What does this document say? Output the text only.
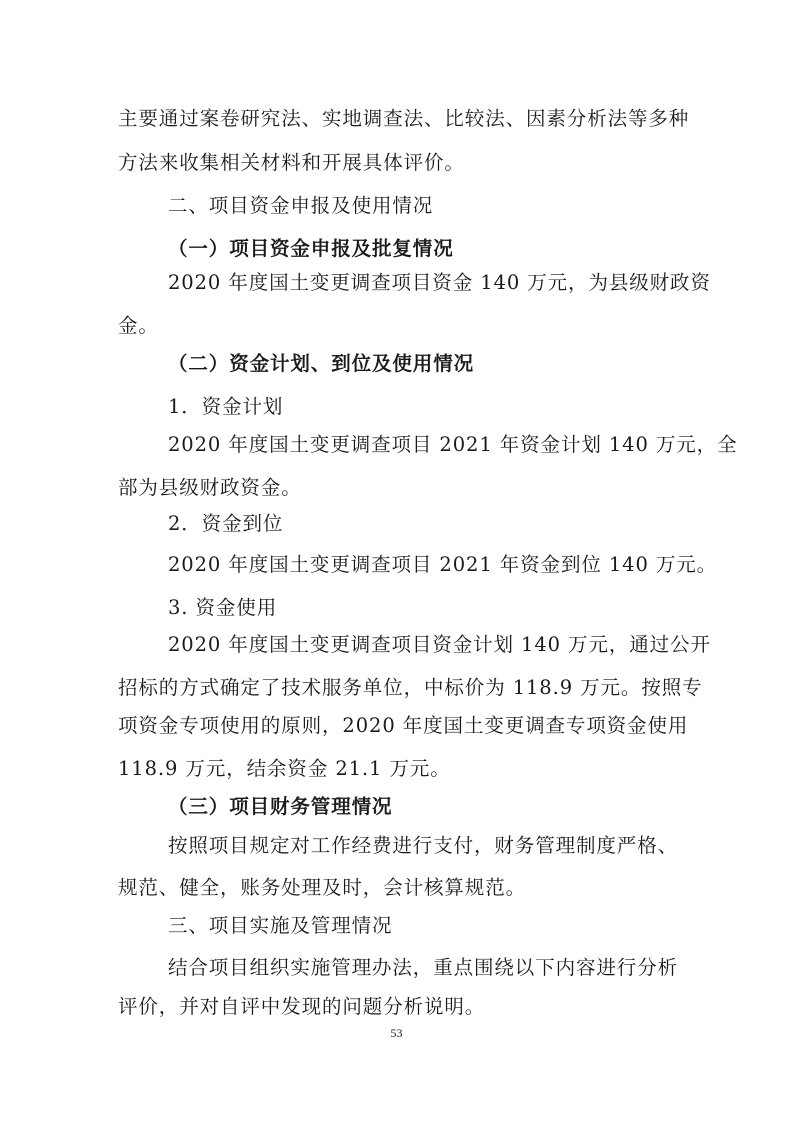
主要通过案卷研究法、实地调查法、比较法、因素分析法等多种
方法来收集相关材料和开展具体评价。
二、项目资金申报及使用情况
（一）项目资金申报及批复情况
2020 年度国土变更调查项目资金 140 万元，为县级财政资
金。
（二）资金计划、到位及使用情况
1．资金计划
2020 年度国土变更调查项目 2021 年资金计划 140 万元，全
部为县级财政资金。
2．资金到位
2020 年度国土变更调查项目 2021 年资金到位 140 万元。
3. 资金使用
2020 年度国土变更调查项目资金计划 140 万元，通过公开
招标的方式确定了技术服务单位，中标价为 118.9 万元。按照专
项资金专项使用的原则，2020 年度国土变更调查专项资金使用
118.9 万元，结余资金 21.1 万元。
（三）项目财务管理情况
按照项目规定对工作经费进行支付，财务管理制度严格、
规范、健全，账务处理及时，会计核算规范。
三、项目实施及管理情况
结合项目组织实施管理办法，重点围绕以下内容进行分析
评价，并对自评中发现的问题分析说明。
53
